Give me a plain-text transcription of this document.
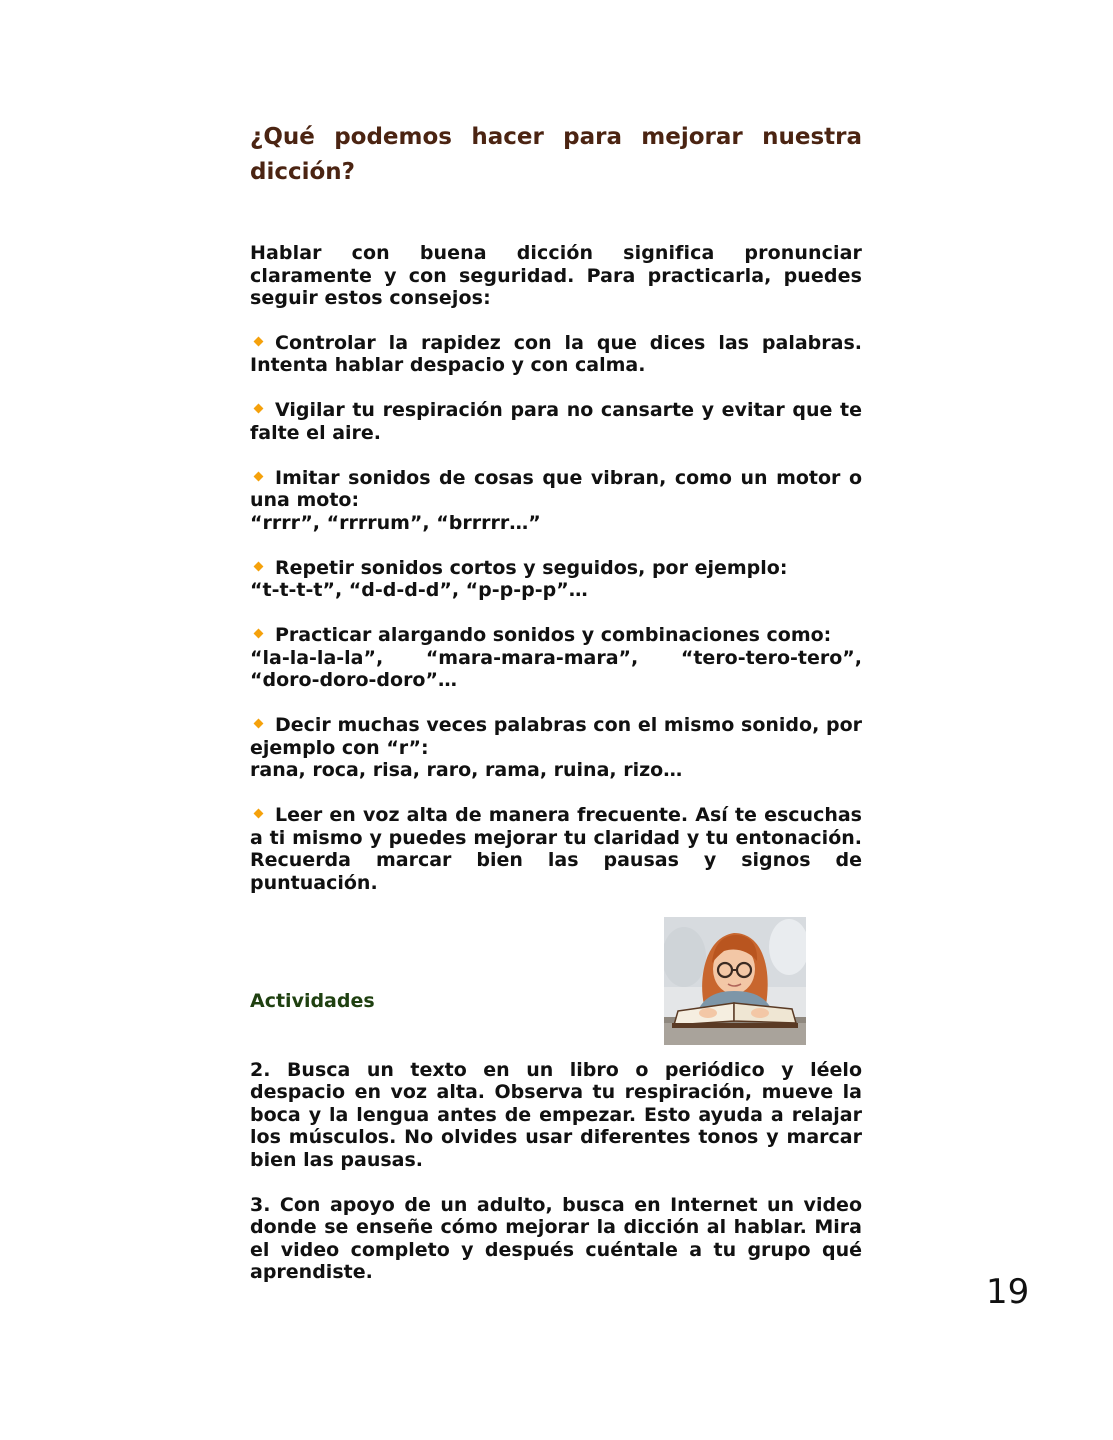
¿Qué podemos hacer para mejorar nuestra dicción?

Hablar con buena dicción significa pronunciar claramente y con seguridad. Para practicarla, puedes seguir estos consejos:

Controlar la rapidez con la que dices las palabras. Intenta hablar despacio y con calma.
Vigilar tu respiración para no cansarte y evitar que te falte el aire.
Imitar sonidos de cosas que vibran, como un motor o una moto:
“rrrr”, “rrrrum”, “brrrrr…”
Repetir sonidos cortos y seguidos, por ejemplo:
“t-t-t-t”, “d-d-d-d”, “p-p-p-p”…
Practicar alargando sonidos y combinaciones como:
“la-la-la-la”, “mara-mara-mara”, “tero-tero-tero”, “doro-doro-doro”…
Decir muchas veces palabras con el mismo sonido, por ejemplo con “r”:
rana, roca, risa, raro, rama, ruina, rizo…
Leer en voz alta de manera frecuente. Así te escuchas a ti mismo y puedes mejorar tu claridad y tu entonación. Recuerda marcar bien las pausas y signos de puntuación.
Actividades

2. Busca un texto en un libro o periódico y léelo despacio en voz alta. Observa tu respiración, mueve la boca y la lengua antes de empezar. Esto ayuda a relajar los músculos. No olvides usar diferentes tonos y marcar bien las pausas.

3. Con apoyo de un adulto, busca en Internet un video donde se enseñe cómo mejorar la dicción al hablar. Mira el video completo y después cuéntale a tu grupo qué aprendiste.	19
